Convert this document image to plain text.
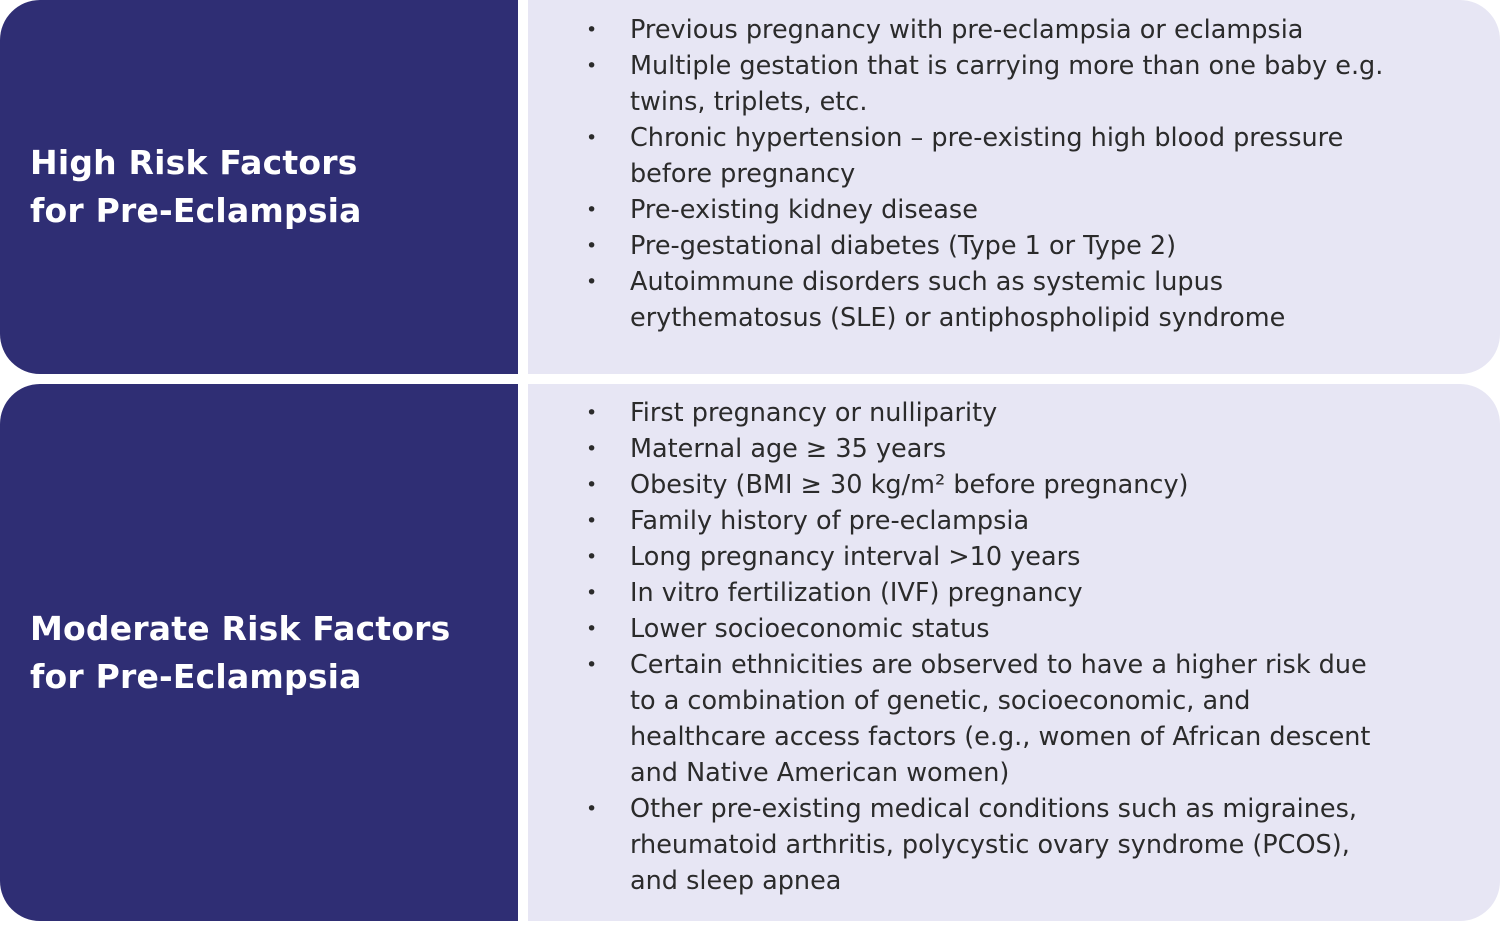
High Risk Factors
for Pre-Eclampsia
• Previous pregnancy with pre-eclampsia or eclampsia
• Multiple gestation that is carrying more than one baby e.g.
twins, triplets, etc.
• Chronic hypertension – pre-existing high blood pressure
before pregnancy
• Pre-existing kidney disease
• Pre-gestational diabetes (Type 1 or Type 2)
• Autoimmune disorders such as systemic lupus
erythematosus (SLE) or antiphospholipid syndrome
Moderate Risk Factors
for Pre-Eclampsia
• First pregnancy or nulliparity
• Maternal age ≥ 35 years
• Obesity (BMI ≥ 30 kg/m² before pregnancy)
• Family history of pre-eclampsia
• Long pregnancy interval >10 years
• In vitro fertilization (IVF) pregnancy
• Lower socioeconomic status
• Certain ethnicities are observed to have a higher risk due
to a combination of genetic, socioeconomic, and
healthcare access factors (e.g., women of African descent
and Native American women)
• Other pre-existing medical conditions such as migraines,
rheumatoid arthritis, polycystic ovary syndrome (PCOS),
and sleep apnea
